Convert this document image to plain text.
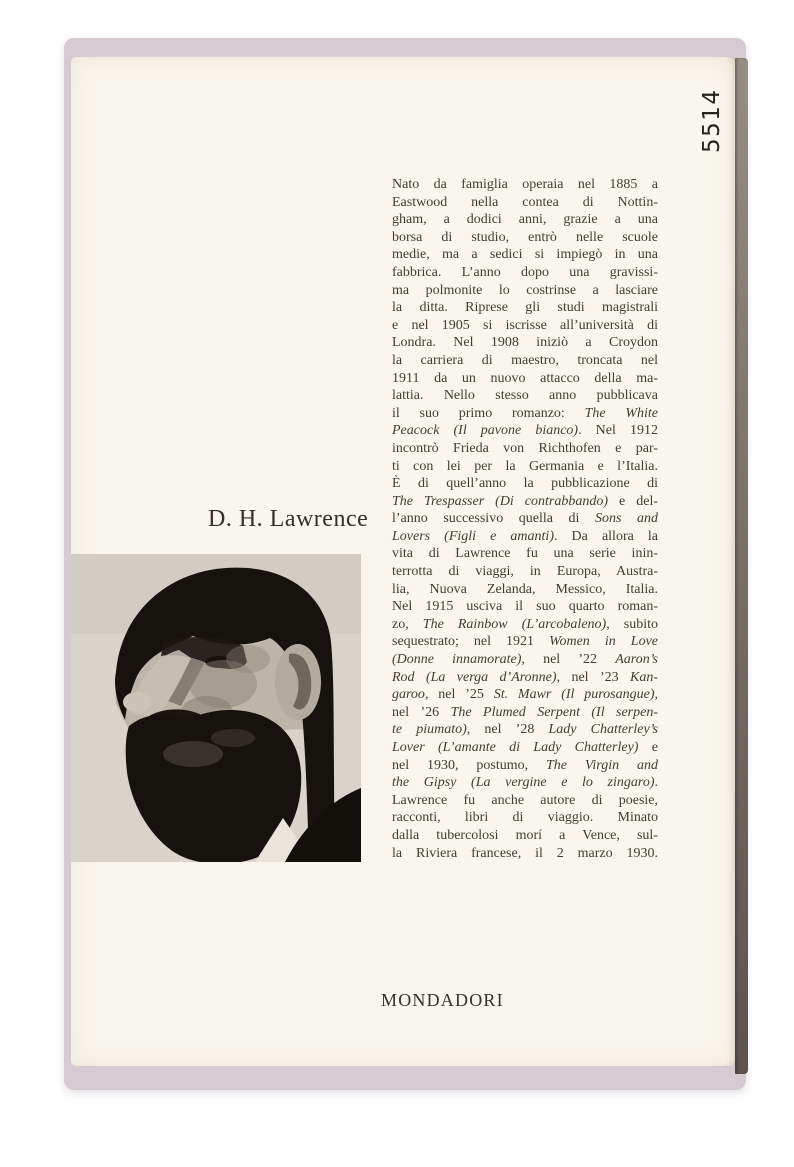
5514
D. H. Lawrence
Nato da famiglia operaia nel 1885 a
Eastwood nella contea di Nottin-
gham, a dodici anni, grazie a una
borsa di studio, entrò nelle scuole
medie, ma a sedici si impiegò in una
fabbrica. L’anno dopo una gravissi-
ma polmonite lo costrinse a lasciare
la ditta. Riprese gli studi magistrali
e nel 1905 si iscrisse all’università di
Londra. Nel 1908 iniziò a Croydon
la carriera di maestro, troncata nel
1911 da un nuovo attacco della ma-
lattia. Nello stesso anno pubblicava
il suo primo romanzo: The White
Peacock (Il pavone bianco). Nel 1912
incontrò Frieda von Richthofen e par-
ti con lei per la Germania e l’Italia.
È di quell’anno la pubblicazione di
The Trespasser (Di contrabbando) e del-
l’anno successivo quella di Sons and
Lovers (Figli e amanti). Da allora la
vita di Lawrence fu una serie inin-
terrotta di viaggi, in Europa, Austra-
lia, Nuova Zelanda, Messico, Italia.
Nel 1915 usciva il suo quarto roman-
zo, The Rainbow (L’arcobaleno), subito
sequestrato; nel 1921 Women in Love
(Donne innamorate), nel ’22 Aaron’s
Rod (La verga d’Aronne), nel ’23 Kan-
garoo, nel ’25 St. Mawr (Il purosangue),
nel ’26 The Plumed Serpent (Il serpen-
te piumato), nel ’28 Lady Chatterley’s
Lover (L’amante di Lady Chatterley) e
nel 1930, postumo, The Virgin and
the Gipsy (La vergine e lo zingaro).
Lawrence fu anche autore di poesie,
racconti, libri di viaggio. Minato
dalla tubercolosi morí a Vence, sul-
la Riviera francese, il 2 marzo 1930.
MONDADORI
